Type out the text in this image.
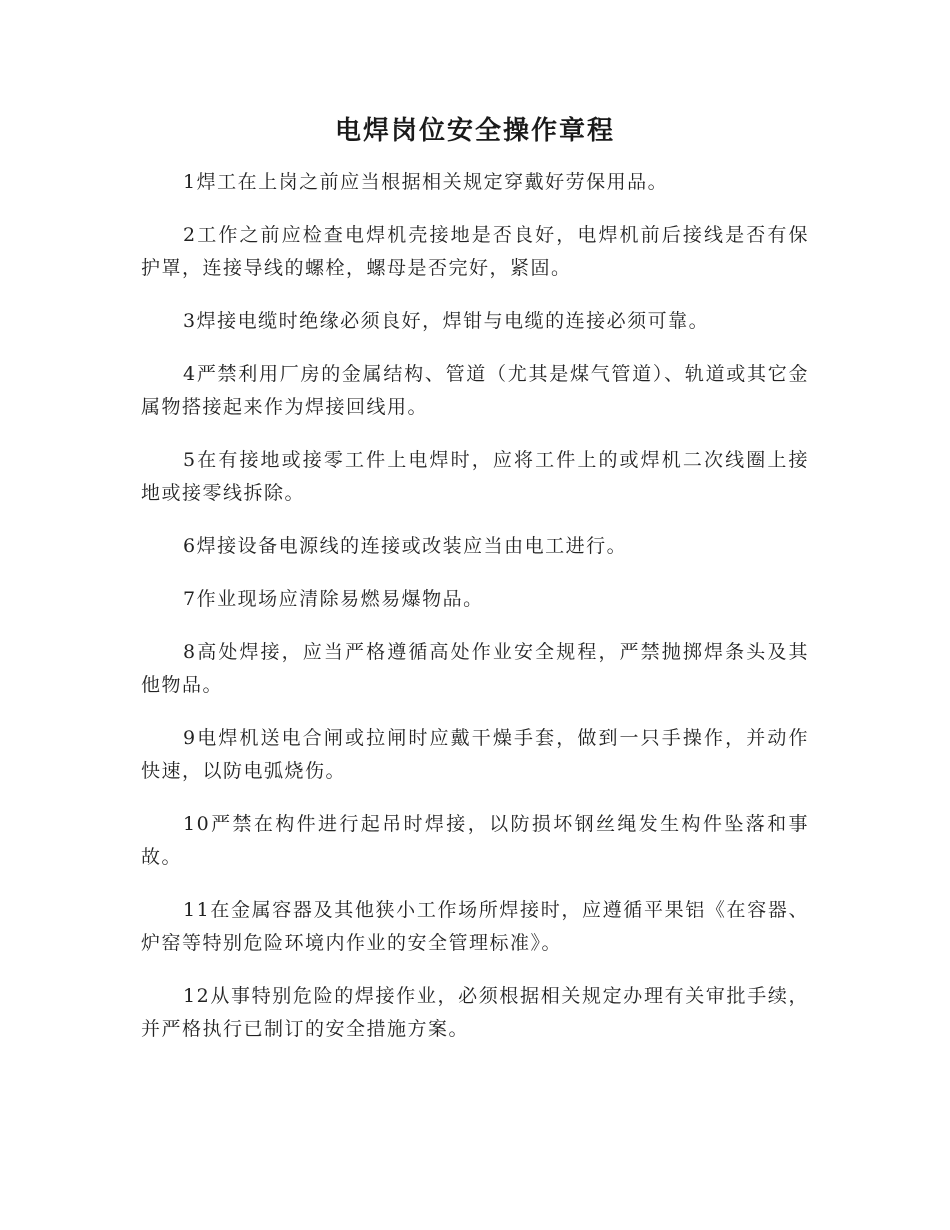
电焊岗位安全操作章程

1焊工在上岗之前应当根据相关规定穿戴好劳保用品。

2工作之前应检查电焊机壳接地是否良好，电焊机前后接线是否有保护罩，连接导线的螺栓，螺母是否完好，紧固。

3焊接电缆时绝缘必须良好，焊钳与电缆的连接必须可靠。

4严禁利用厂房的金属结构、管道（尤其是煤气管道）、轨道或其它金属物搭接起来作为焊接回线用。

5在有接地或接零工件上电焊时，应将工件上的或焊机二次线圈上接地或接零线拆除。

6焊接设备电源线的连接或改装应当由电工进行。

7作业现场应清除易燃易爆物品。

8高处焊接，应当严格遵循高处作业安全规程，严禁抛掷焊条头及其他物品。

9电焊机送电合闸或拉闸时应戴干燥手套，做到一只手操作，并动作快速，以防电弧烧伤。

10严禁在构件进行起吊时焊接，以防损坏钢丝绳发生构件坠落和事故。

11在金属容器及其他狭小工作场所焊接时，应遵循平果铝《在容器、炉窑等特别危险环境内作业的安全管理标准》。

12从事特别危险的焊接作业，必须根据相关规定办理有关审批手续，并严格执行已制订的安全措施方案。
